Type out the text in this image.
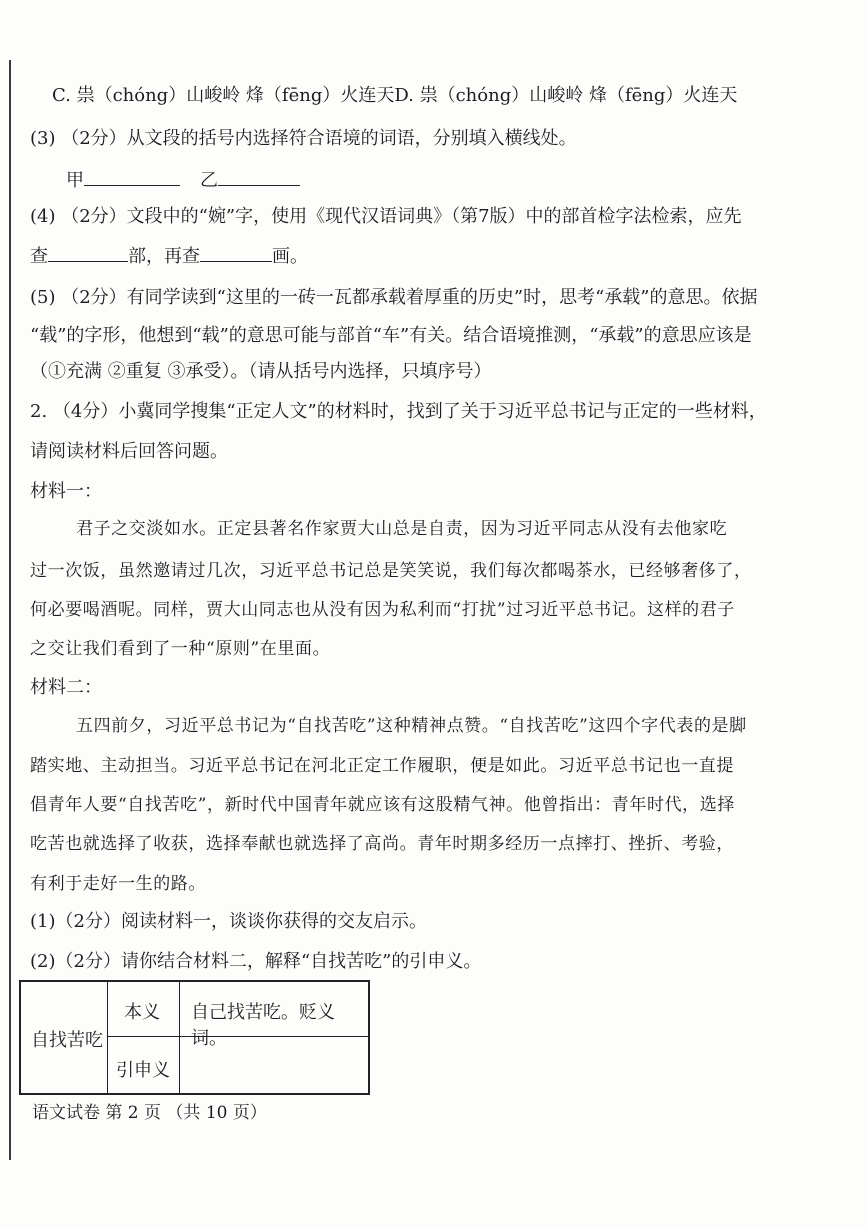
C. 祟（chóng）山峻岭 烽（fēng）火连天D. 祟（chóng）山峻岭 烽（fēng）火连天
(3) （2分）从文段的括号内选择符合语境的词语，分别填入横线处。
甲	乙
(4) （2分）文段中的“婉”字，使用《现代汉语词典》（第7版）中的部首检字法检索，应先
查	部，再查	画。
(5) （2分）有同学读到“这里的一砖一瓦都承载着厚重的历史”时，思考“承载”的意思。依据
“载”的字形，他想到“载”的意思可能与部首“车”有关。结合语境推测，“承载”的意思应该是
（①充满 ②重复 ③承受）。（请从括号内选择，只填序号）
2. （4分）小冀同学搜集“正定人文”的材料时，找到了关于习近平总书记与正定的一些材料，
请阅读材料后回答问题。
材料一：
君子之交淡如水。正定县著名作家贾大山总是自责，因为习近平同志从没有去他家吃
过一次饭，虽然邀请过几次，习近平总书记总是笑笑说，我们每次都喝茶水，已经够奢侈了，
何必要喝酒呢。同样，贾大山同志也从没有因为私利而“打扰”过习近平总书记。这样的君子
之交让我们看到了一种“原则”在里面。
材料二：
五四前夕，习近平总书记为“自找苦吃”这种精神点赞。“自找苦吃”这四个字代表的是脚
踏实地、主动担当。习近平总书记在河北正定工作履职，便是如此。习近平总书记也一直提
倡青年人要“自找苦吃”，新时代中国青年就应该有这股精气神。他曾指出：青年时代，选择
吃苦也就选择了收获，选择奉献也就选择了高尚。青年时期多经历一点摔打、挫折、考验，
有利于走好一生的路。
(1)（2分）阅读材料一，谈谈你获得的交友启示。
(2)（2分）请你结合材料二，解释“自找苦吃”的引申义。
自找苦吃
本义 自己找苦吃。贬义词。
引申义
语文试卷 第 2 页 （共 10 页）
